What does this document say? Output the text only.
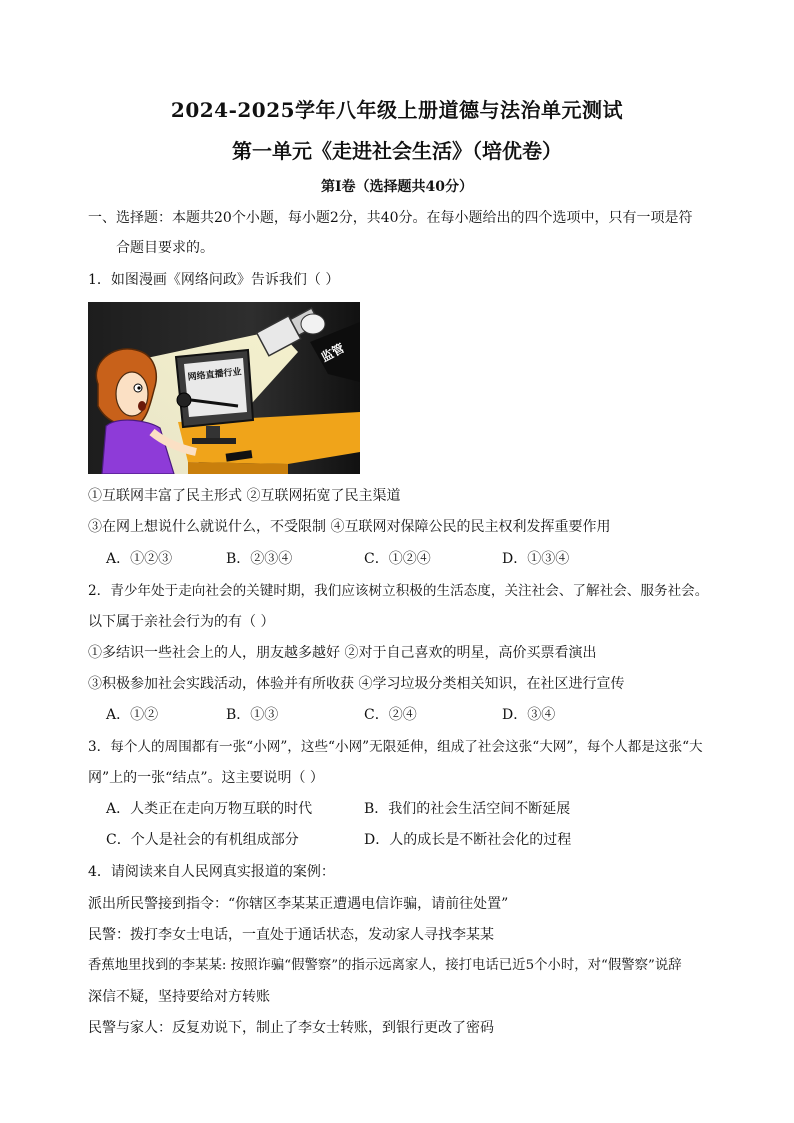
2024-2025学年八年级上册道德与法治单元测试
第一单元《走进社会生活》（培优卷）
第Ⅰ卷（选择题共40分）
一、选择题：本题共20个小题，每小题2分，共40分。在每小题给出的四个选项中，只有一项是符
合题目要求的。
1．如图漫画《网络问政》告诉我们（ ）
监管
网络直播行业
①互联网丰富了民主形式 ②互联网拓宽了民主渠道
③在网上想说什么就说什么，不受限制 ④互联网对保障公民的民主权利发挥重要作用
A．①②③	B．②③④	C．①②④	D．①③④
2．青少年处于走向社会的关键时期，我们应该树立积极的生活态度，关注社会、了解社会、服务社会。
以下属于亲社会行为的有（ ）
①多结识一些社会上的人，朋友越多越好 ②对于自己喜欢的明星，高价买票看演出
③积极参加社会实践活动，体验并有所收获 ④学习垃圾分类相关知识，在社区进行宣传
A．①②	B．①③	C．②④	D．③④
3．每个人的周围都有一张“小网”，这些“小网”无限延伸，组成了社会这张“大网”，每个人都是这张“大
网”上的一张“结点”。这主要说明（ ）
A．人类正在走向万物互联的时代	B．我们的社会生活空间不断延展
C．个人是社会的有机组成部分	D．人的成长是不断社会化的过程
4．请阅读来自人民网真实报道的案例：
派出所民警接到指令：“你辖区李某某正遭遇电信诈骗，请前往处置”
民警：拨打李女士电话，一直处于通话状态，发动家人寻找李某某
香蕉地里找到的李某某: 按照诈骗“假警察”的指示远离家人，接打电话已近5个小时，对“假警察”说辞
深信不疑，坚持要给对方转账
民警与家人：反复劝说下，制止了李女士转账，到银行更改了密码
